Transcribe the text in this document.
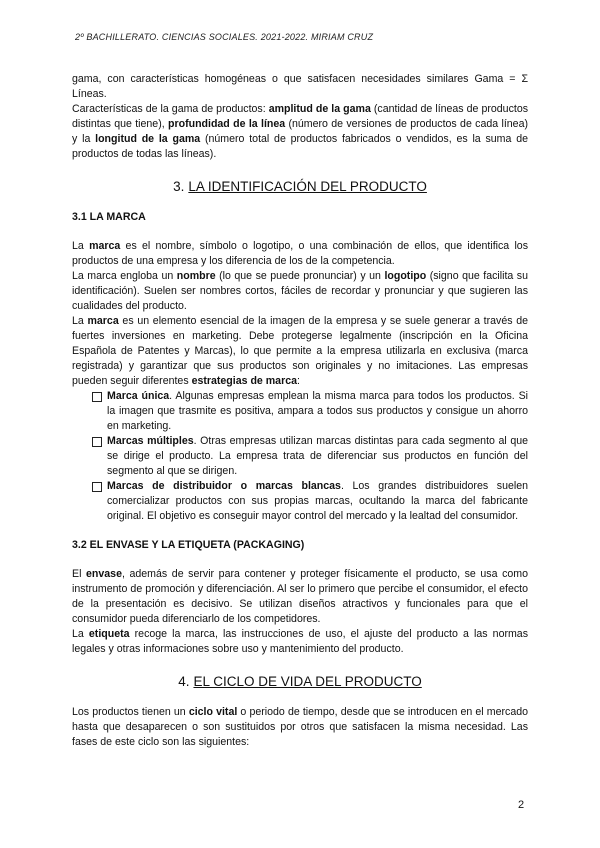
2º BACHILLERATO. CIENCIAS SOCIALES. 2021-2022. MIRIAM CRUZ

gama, con características homogéneas o que satisfacen necesidades similares Gama = Σ Líneas.

Características de la gama de productos: amplitud de la gama (cantidad de líneas de productos distintas que tiene), profundidad de la línea (número de versiones de productos de cada línea) y la longitud de la gama (número total de productos fabricados o vendidos, es la suma de productos de todas las líneas).

3. LA IDENTIFICACIÓN DEL PRODUCTO
3.1 LA MARCA

La marca es el nombre, símbolo o logotipo, o una combinación de ellos, que identifica los productos de una empresa y los diferencia de los de la competencia.

La marca engloba un nombre (lo que se puede pronunciar) y un logotipo (signo que facilita su identificación). Suelen ser nombres cortos, fáciles de recordar y pronunciar y que sugieren las cualidades del producto.

La marca es un elemento esencial de la imagen de la empresa y se suele generar a través de fuertes inversiones en marketing. Debe protegerse legalmente (inscripción en la Oficina Española de Patentes y Marcas), lo que permite a la empresa utilizarla en exclusiva (marca registrada) y garantizar que sus productos son originales y no imitaciones. Las empresas pueden seguir diferentes estrategias de marca:

Marca única. Algunas empresas emplean la misma marca para todos los productos. Si la imagen que trasmite es positiva, ampara a todos sus productos y consigue un ahorro en marketing.
Marcas múltiples. Otras empresas utilizan marcas distintas para cada segmento al que se dirige el producto. La empresa trata de diferenciar sus productos en función del segmento al que se dirigen.
Marcas de distribuidor o marcas blancas. Los grandes distribuidores suelen comercializar productos con sus propias marcas, ocultando la marca del fabricante original. El objetivo es conseguir mayor control del mercado y la lealtad del consumidor.
3.2 EL ENVASE Y LA ETIQUETA (PACKAGING)

El envase, además de servir para contener y proteger físicamente el producto, se usa como instrumento de promoción y diferenciación. Al ser lo primero que percibe el consumidor, el efecto de la presentación es decisivo. Se utilizan diseños atractivos y funcionales para que el consumidor pueda diferenciarlo de los competidores.

La etiqueta recoge la marca, las instrucciones de uso, el ajuste del producto a las normas legales y otras informaciones sobre uso y mantenimiento del producto.

4. EL CICLO DE VIDA DEL PRODUCTO

Los productos tienen un ciclo vital o periodo de tiempo, desde que se introducen en el mercado hasta que desaparecen o son sustituidos por otros que satisfacen la misma necesidad. Las fases de este ciclo son las siguientes:

2
